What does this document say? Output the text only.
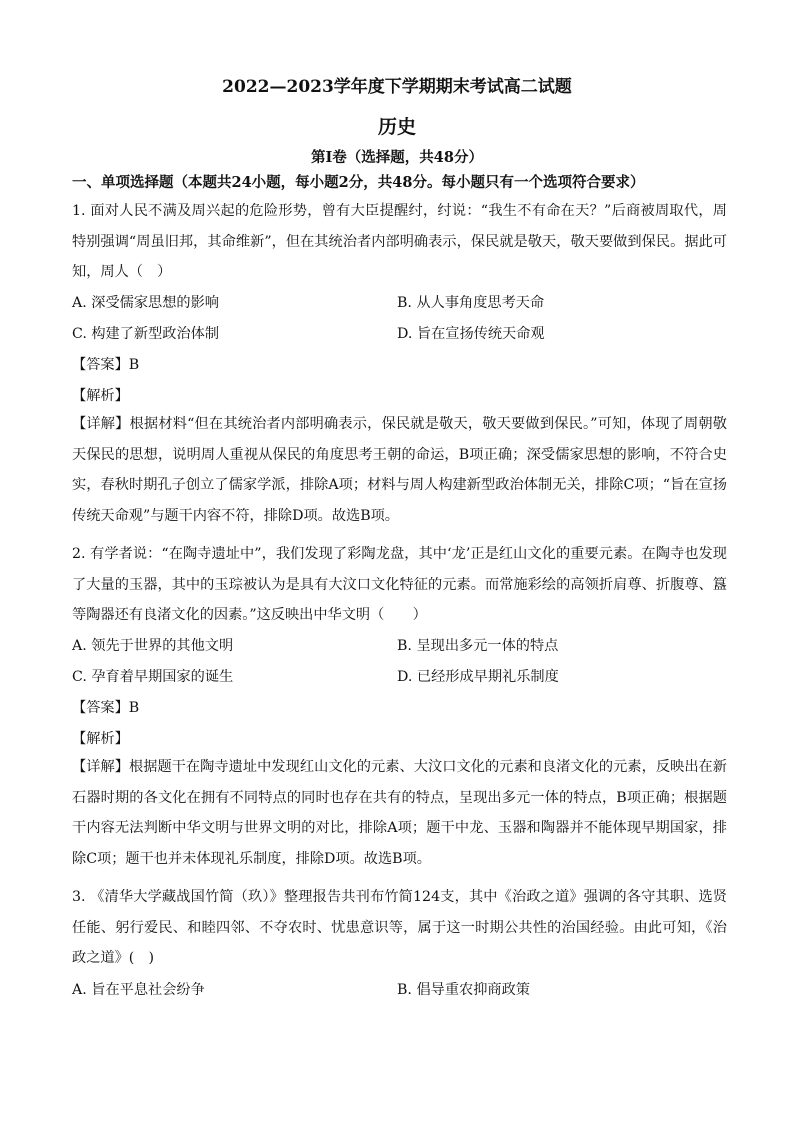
2022—2023学年度下学期期末考试高二试题
历史
第Ⅰ卷（选择题，共48分）
一、单项选择题（本题共24小题，每小题2分，共48分。每小题只有一个选项符合要求）

1. 面对人民不满及周兴起的危险形势，曾有大臣提醒纣，纣说：“我生不有命在天？”后商被周取代，周特别强调“周虽旧邦，其命维新”，但在其统治者内部明确表示，保民就是敬天，敬天要做到保民。据此可知，周人（　）

A. 深受儒家思想的影响	B. 从人事角度思考天命
C. 构建了新型政治体制	D. 旨在宣扬传统天命观
【答案】B
【解析】

【详解】根据材料“但在其统治者内部明确表示，保民就是敬天，敬天要做到保民。”可知，体现了周朝敬天保民的思想，说明周人重视从保民的角度思考王朝的命运，B项正确；深受儒家思想的影响，不符合史实，春秋时期孔子创立了儒家学派，排除A项；材料与周人构建新型政治体制无关，排除C项；“旨在宣扬传统天命观”与题干内容不符，排除D项。故选B项。

2. 有学者说：“在陶寺遗址中”，我们发现了彩陶龙盘，其中‘龙’正是红山文化的重要元素。在陶寺也发现了大量的玉器，其中的玉琮被认为是具有大汶口文化特征的元素。而常施彩绘的高领折肩尊、折腹尊、簋等陶器还有良渚文化的因素。”这反映出中华文明（　　）

A. 领先于世界的其他文明	B. 呈现出多元一体的特点
C. 孕育着早期国家的诞生	D. 已经形成早期礼乐制度
【答案】B
【解析】

【详解】根据题干在陶寺遗址中发现红山文化的元素、大汶口文化的元素和良渚文化的元素，反映出在新石器时期的各文化在拥有不同特点的同时也存在共有的特点，呈现出多元一体的特点，B项正确；根据题干内容无法判断中华文明与世界文明的对比，排除A项；题干中龙、玉器和陶器并不能体现早期国家，排除C项；题干也并未体现礼乐制度，排除D项。故选B项。

3. 《清华大学藏战国竹简（玖）》整理报告共刊布竹简124支，其中《治政之道》强调的各守其职、选贤任能、躬行爱民、和睦四邻、不夺农时、忧患意识等，属于这一时期公共性的治国经验。由此可知，《治政之道》(　)

A. 旨在平息社会纷争	B. 倡导重农抑商政策
